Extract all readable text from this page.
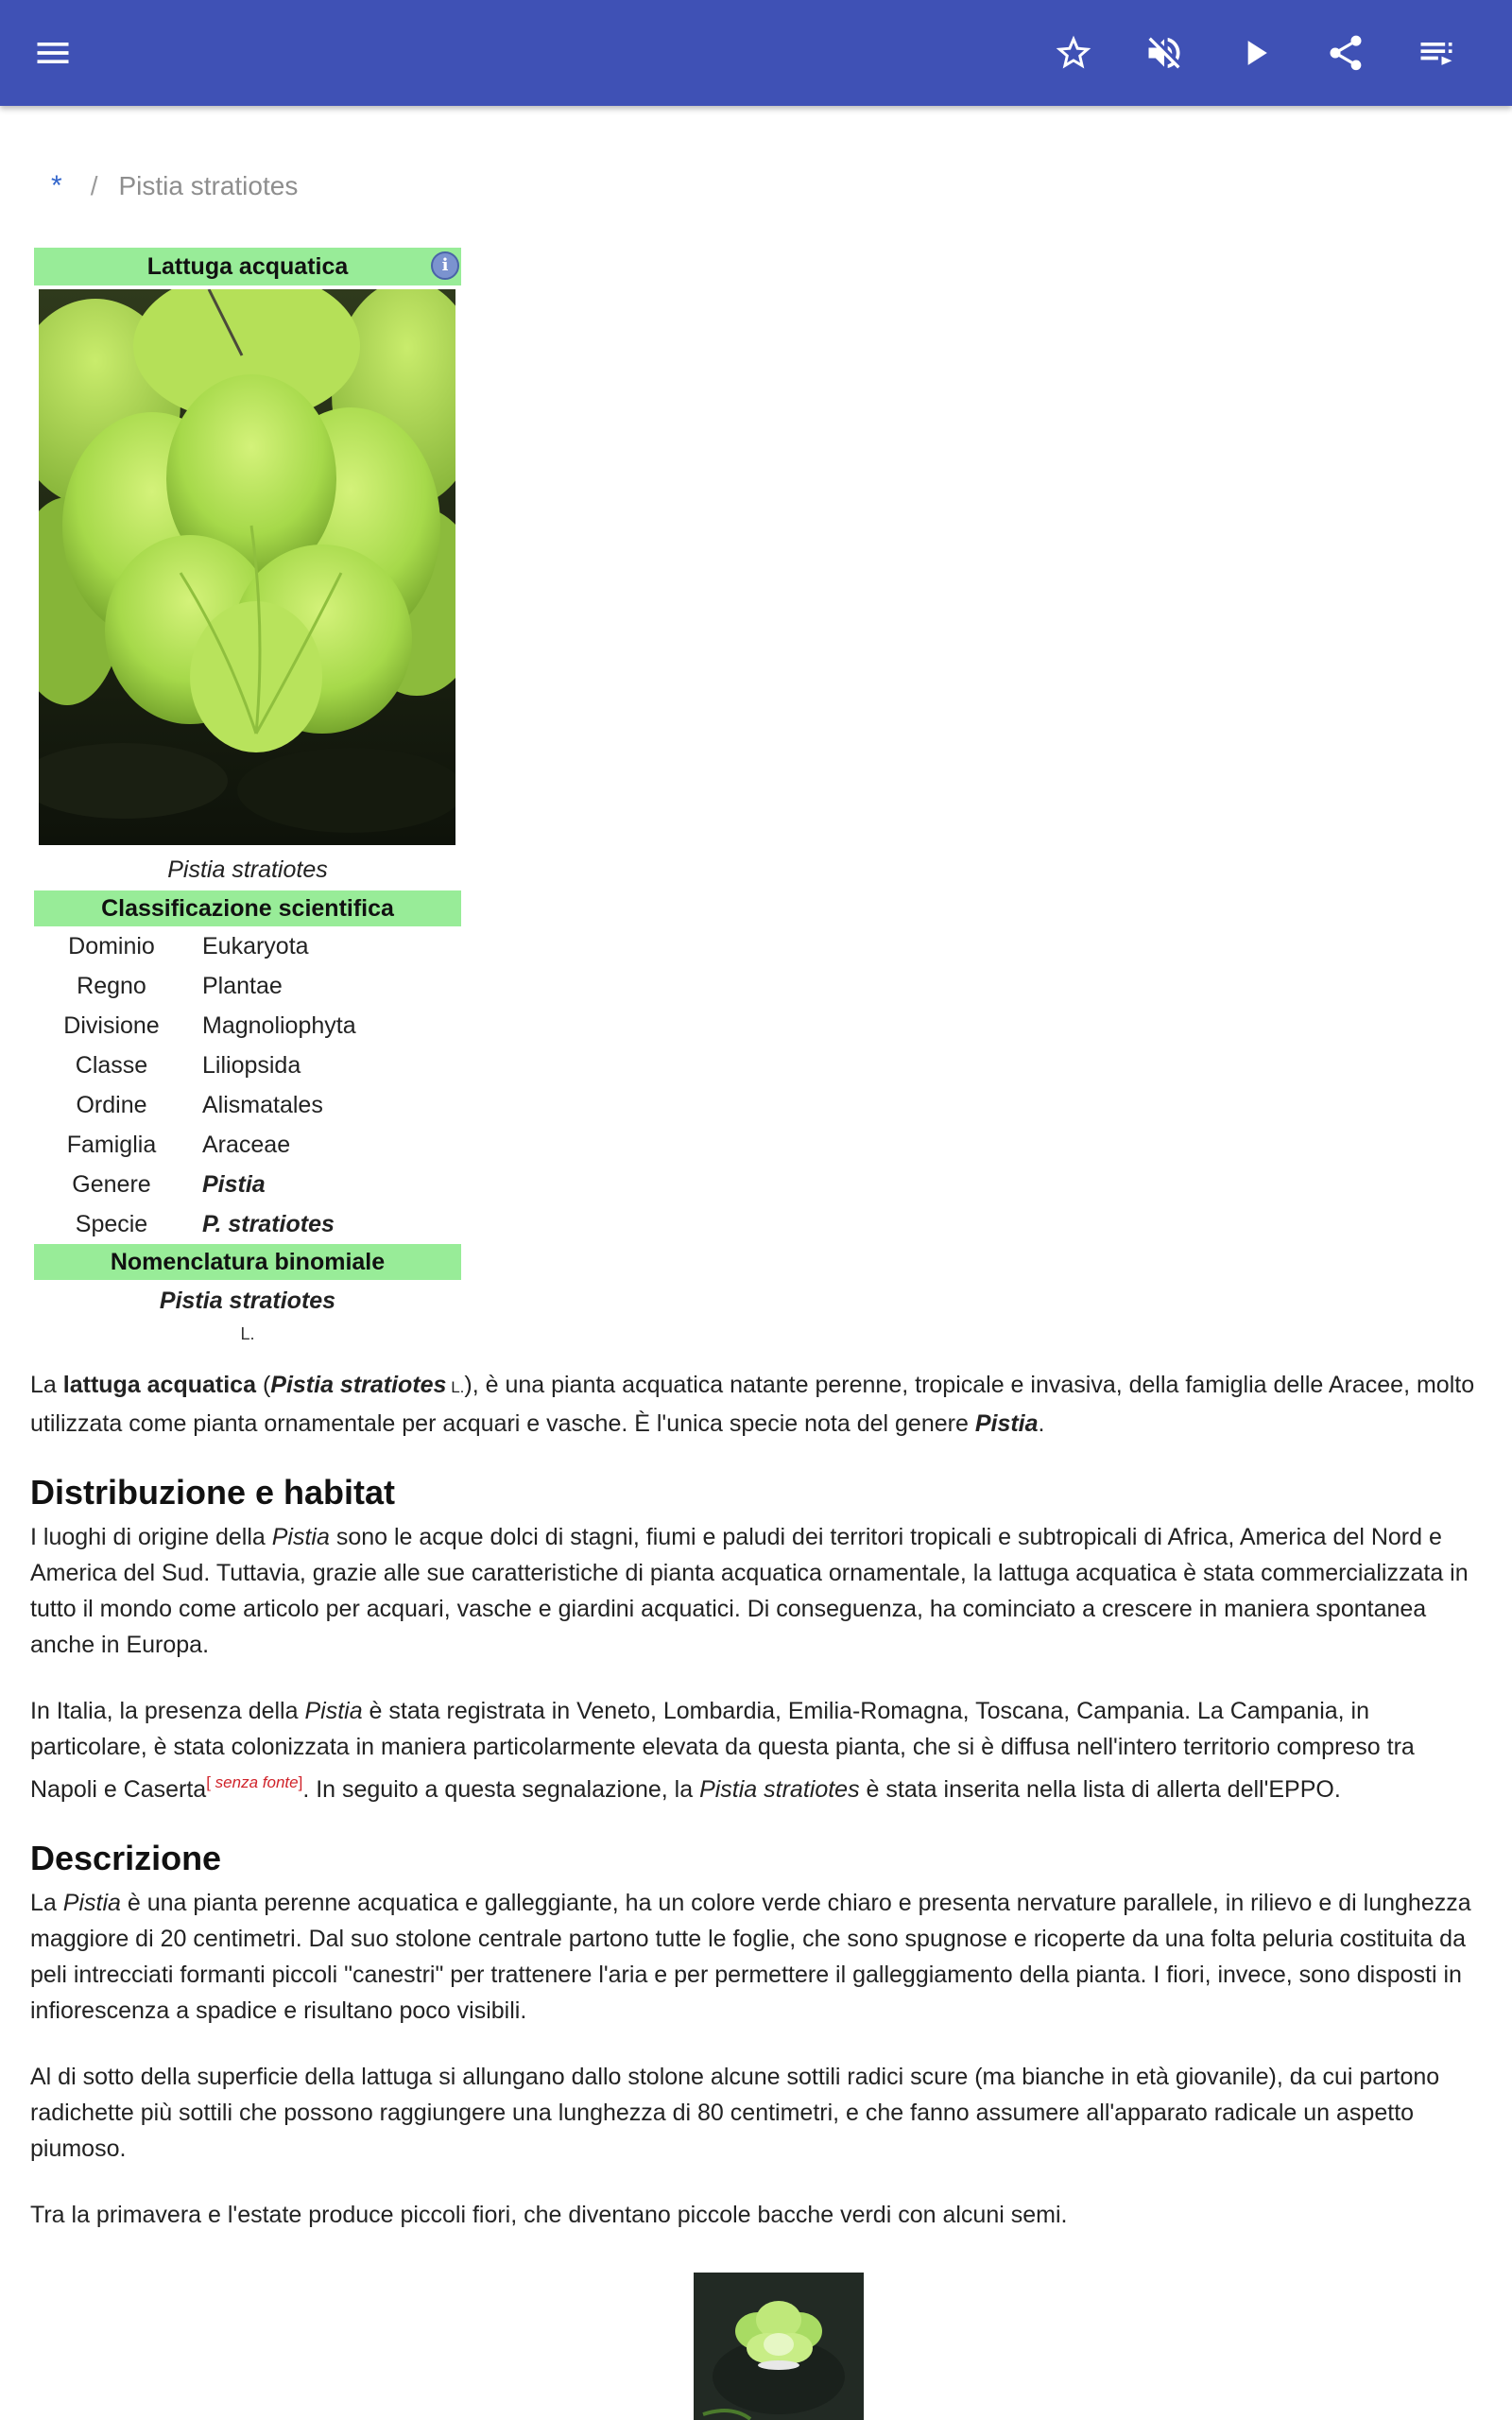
* / Pistia stratiotes
Lattuga acquatica	i
Pistia stratiotes
Classificazione scientifica
Dominio	Eukaryota
Regno	Plantae
Divisione	Magnoliophyta
Classe	Liliopsida
Ordine	Alismatales
Famiglia	Araceae
Genere	Pistia
Specie	P. stratiotes
Nomenclatura binomiale
Pistia stratiotes
L.

La lattuga acquatica (Pistia stratiotes L.), è una pianta acquatica natante perenne, tropicale e invasiva, della famiglia delle Aracee, molto utilizzata come pianta ornamentale per acquari e vasche. È l'unica specie nota del genere Pistia.

Distribuzione e habitat

I luoghi di origine della Pistia sono le acque dolci di stagni, fiumi e paludi dei territori tropicali e subtropicali di Africa, America del Nord e America del Sud. Tuttavia, grazie alle sue caratteristiche di pianta acquatica ornamentale, la lattuga acquatica è stata commercializzata in tutto il mondo come articolo per acquari, vasche e giardini acquatici. Di conseguenza, ha cominciato a crescere in maniera spontanea anche in Europa.

In Italia, la presenza della Pistia è stata registrata in Veneto, Lombardia, Emilia-Romagna, Toscana, Campania. La Campania, in particolare, è stata colonizzata in maniera particolarmente elevata da questa pianta, che si è diffusa nell'intero territorio compreso tra Napoli e Caserta[ senza fonte]. In seguito a questa segnalazione, la Pistia stratiotes è stata inserita nella lista di allerta dell'EPPO.

Descrizione

La Pistia è una pianta perenne acquatica e galleggiante, ha un colore verde chiaro e presenta nervature parallele, in rilievo e di lunghezza maggiore di 20 centimetri. Dal suo stolone centrale partono tutte le foglie, che sono spugnose e ricoperte da una folta peluria costituita da peli intrecciati formanti piccoli "canestri" per trattenere l'aria e per permettere il galleggiamento della pianta. I fiori, invece, sono disposti in infiorescenza a spadice e risultano poco visibili.

Al di sotto della superficie della lattuga si allungano dallo stolone alcune sottili radici scure (ma bianche in età giovanile), da cui partono radichette più sottili che possono raggiungere una lunghezza di 80 centimetri, e che fanno assumere all'apparato radicale un aspetto piumoso.

Tra la primavera e l'estate produce piccoli fiori, che diventano piccole bacche verdi con alcuni semi.
